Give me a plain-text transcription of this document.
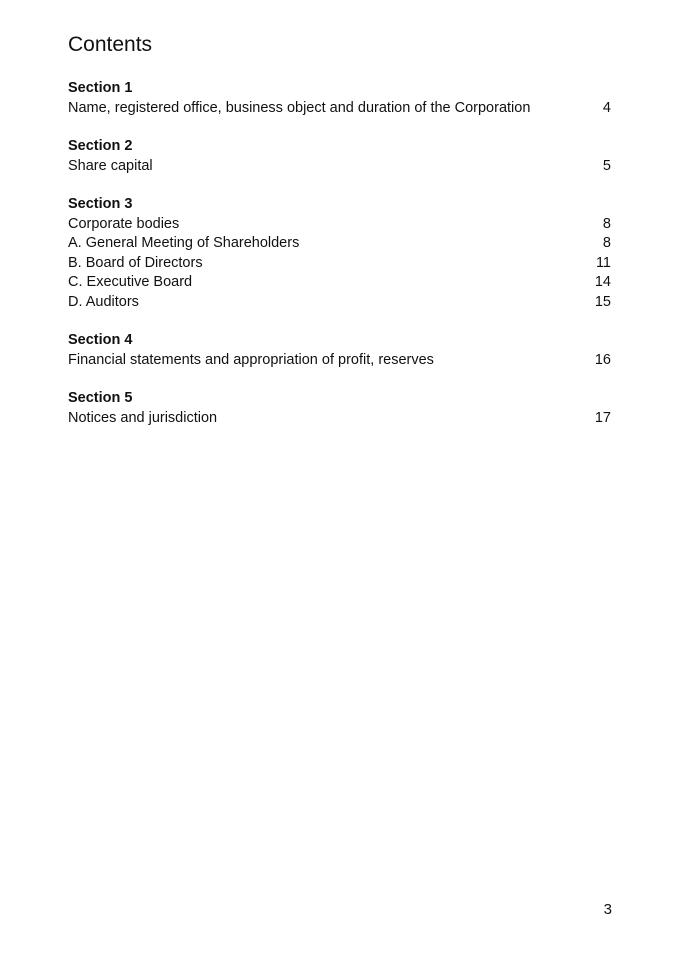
Contents
Section 1
Name, registered office, business object and duration of the Corporation	4
Section 2
Share capital	5
Section 3
Corporate bodies	8
A. General Meeting of Shareholders	8
B. Board of Directors	11
C. Executive Board	14
D. Auditors	15
Section 4
Financial statements and appropriation of profit, reserves	16
Section 5
Notices and jurisdiction	17
3
